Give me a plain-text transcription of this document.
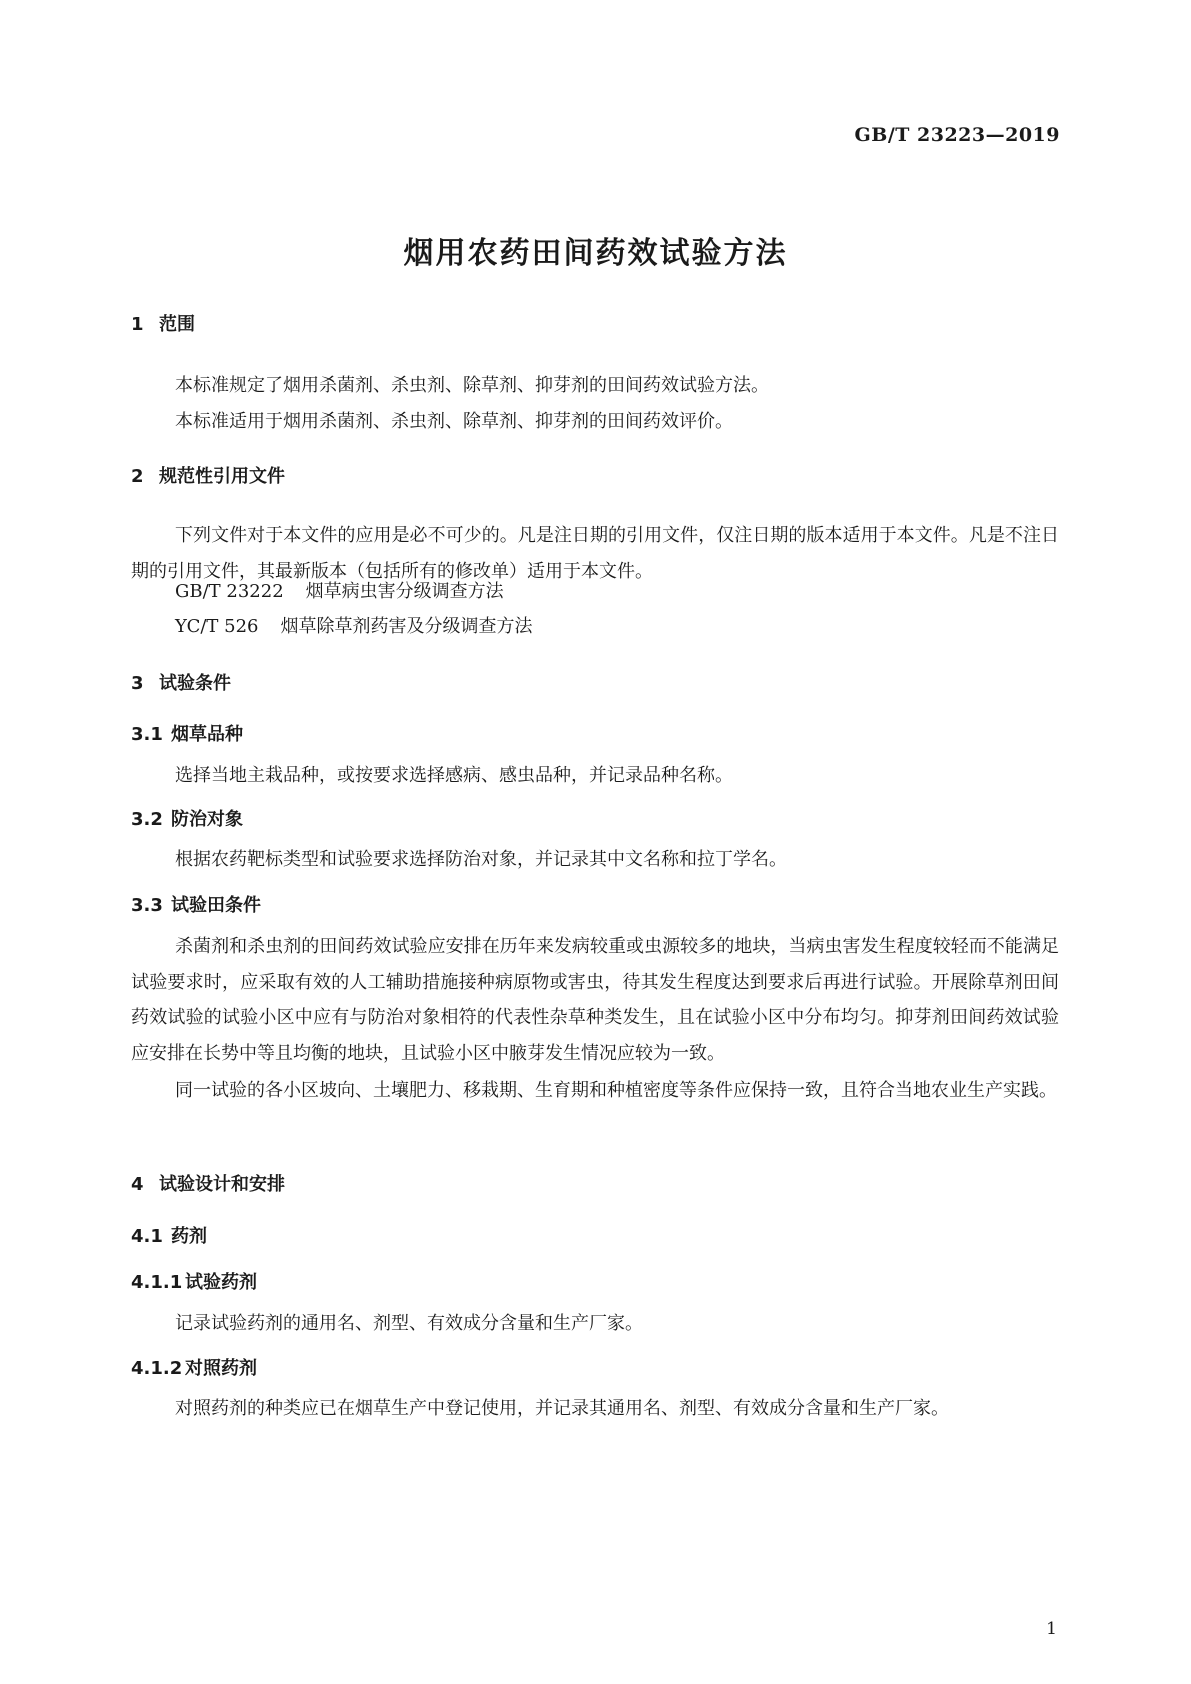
GB/T 23223—2019
烟用农药田间药效试验方法
1 范围
本标准规定了烟用杀菌剂、杀虫剂、除草剂、抑芽剂的田间药效试验方法。
本标准适用于烟用杀菌剂、杀虫剂、除草剂、抑芽剂的田间药效评价。
2 规范性引用文件
下列文件对于本文件的应用是必不可少的。凡是注日期的引用文件，仅注日期的版本适用于本文件。凡是不注日期的引用文件，其最新版本（包括所有的修改单）适用于本文件。
GB/T 23222 烟草病虫害分级调查方法
YC/T 526 烟草除草剂药害及分级调查方法
3 试验条件
3.1 烟草品种
选择当地主栽品种，或按要求选择感病、感虫品种，并记录品种名称。
3.2 防治对象
根据农药靶标类型和试验要求选择防治对象，并记录其中文名称和拉丁学名。
3.3 试验田条件
杀菌剂和杀虫剂的田间药效试验应安排在历年来发病较重或虫源较多的地块，当病虫害发生程度较轻而不能满足试验要求时，应采取有效的人工辅助措施接种病原物或害虫，待其发生程度达到要求后再进行试验。开展除草剂田间药效试验的试验小区中应有与防治对象相符的代表性杂草种类发生，且在试验小区中分布均匀。抑芽剂田间药效试验应安排在长势中等且均衡的地块，且试验小区中腋芽发生情况应较为一致。
同一试验的各小区坡向、土壤肥力、移栽期、生育期和种植密度等条件应保持一致，且符合当地农业生产实践。
4 试验设计和安排
4.1 药剂
4.1.1 试验药剂
记录试验药剂的通用名、剂型、有效成分含量和生产厂家。
4.1.2 对照药剂
对照药剂的种类应已在烟草生产中登记使用，并记录其通用名、剂型、有效成分含量和生产厂家。
1
